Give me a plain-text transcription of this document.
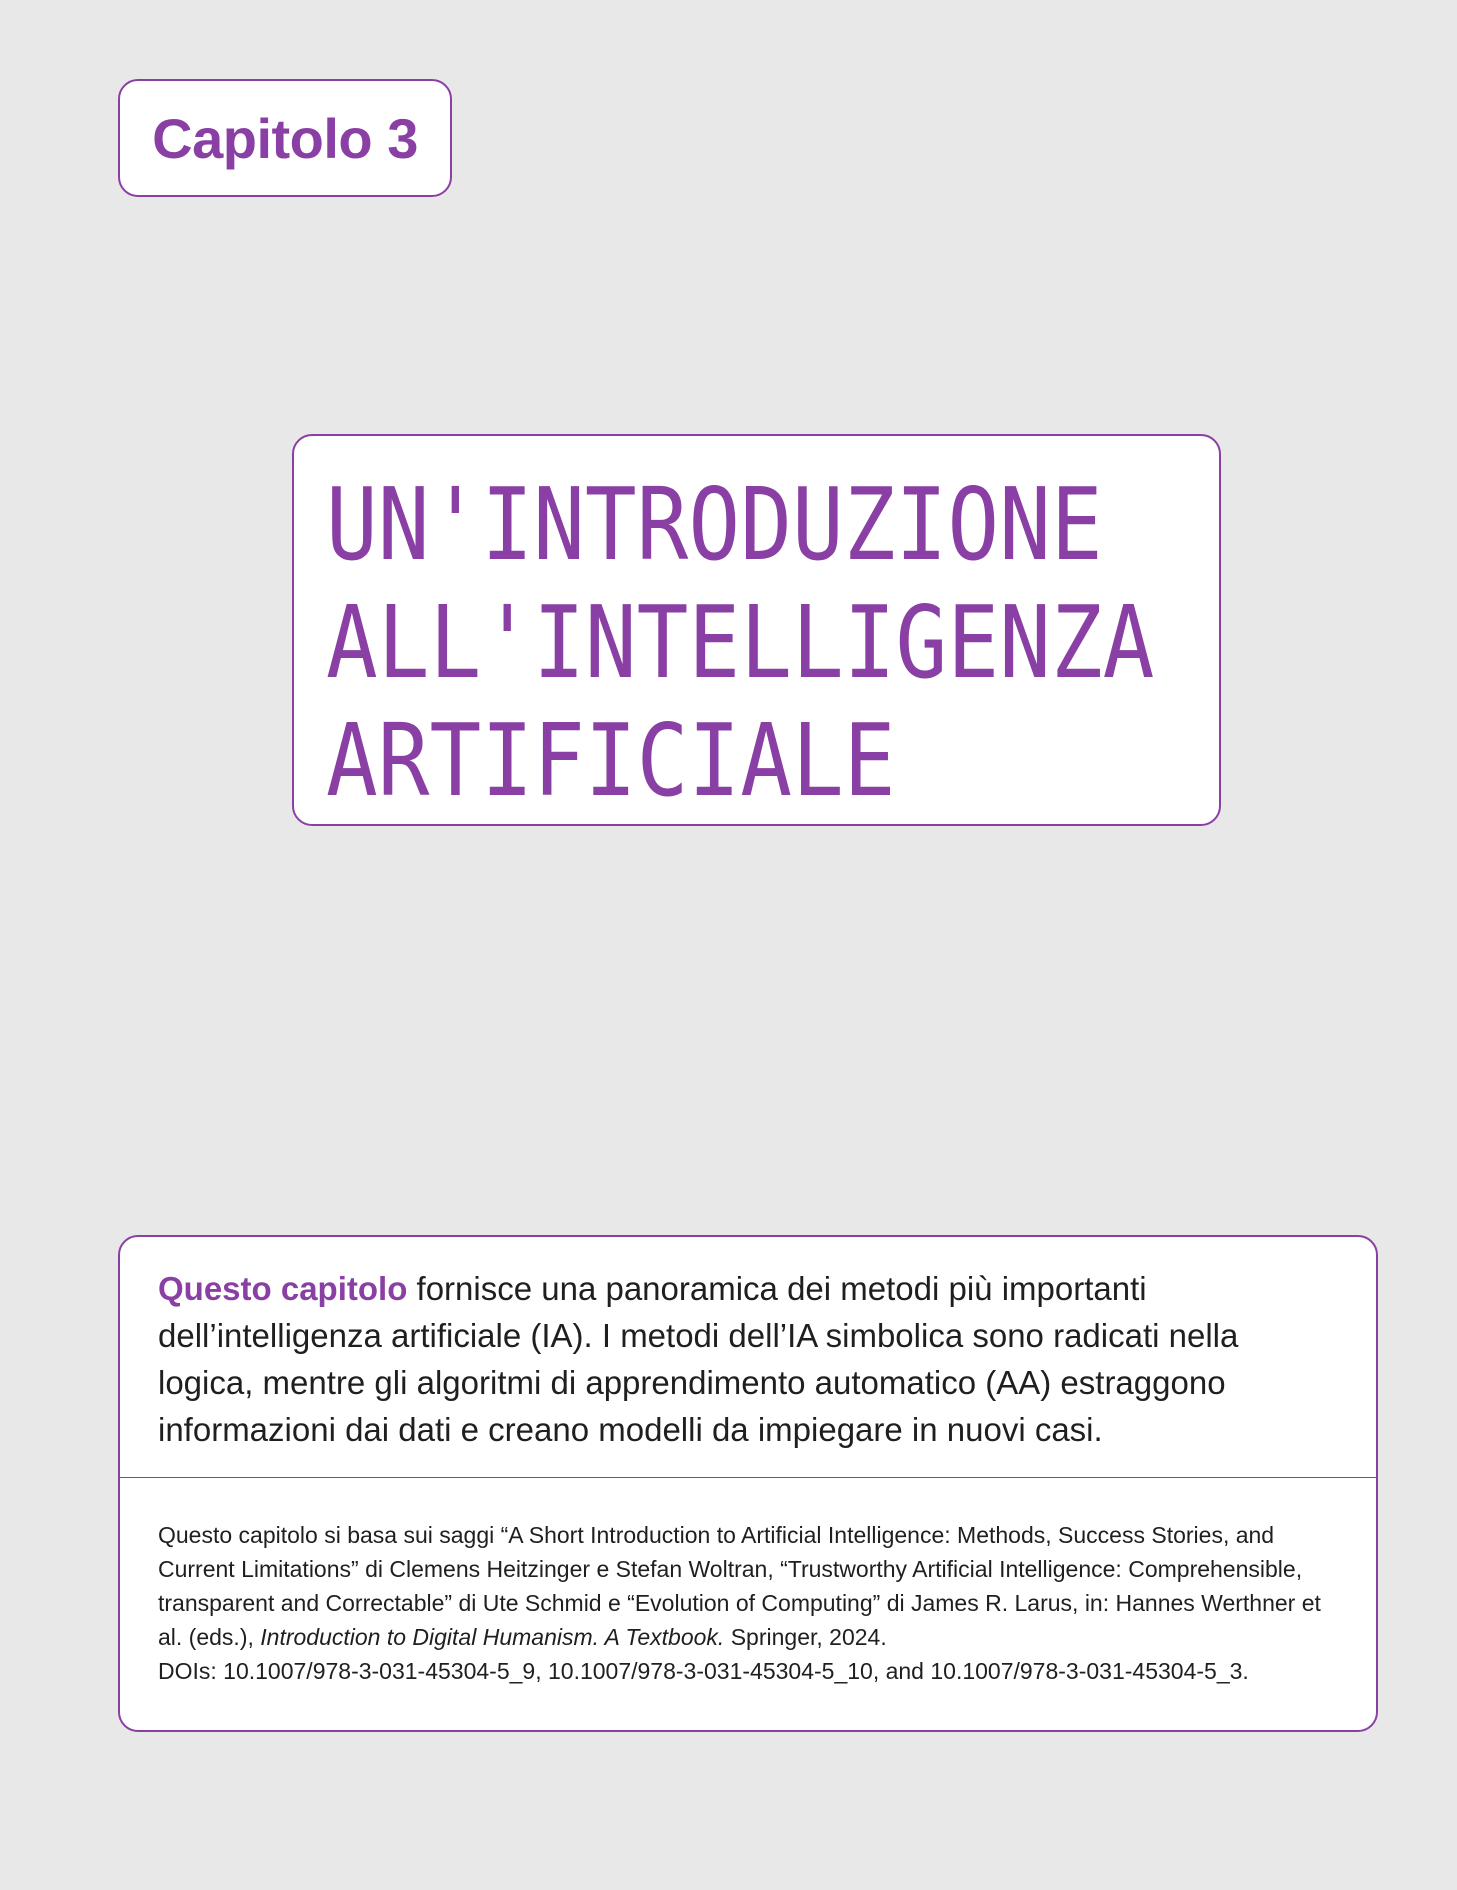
Capitolo 3
UN'INTRODUZIONE
ALL'INTELLIGENZA
ARTIFICIALE
Questo capitolo fornisce una panoramica dei metodi più importanti dell’intelligenza artificiale (IA). I metodi dell’IA simbolica sono radicati nella logica, mentre gli algoritmi di apprendimento automatico (AA) estraggono informazioni dai dati e creano modelli da impiegare in nuovi casi.
Questo capitolo si basa sui saggi “A Short Introduction to Artificial Intelligence: Methods, Success Stories, and Current Limitations” di Clemens Heitzinger e Stefan Woltran, “Trustworthy Artificial Intelligence: Comprehensible, transparent and Correctable” di Ute Schmid e “Evolution of Computing” di James R. Larus, in: Hannes Werthner et al. (eds.), Introduction to Digital Humanism. A Textbook. Springer, 2024.
DOIs: 10.1007/978-3-031-45304-5_9, 10.1007/978-3-031-45304-5_10, and 10.1007/978-3-031-45304-5_3.
